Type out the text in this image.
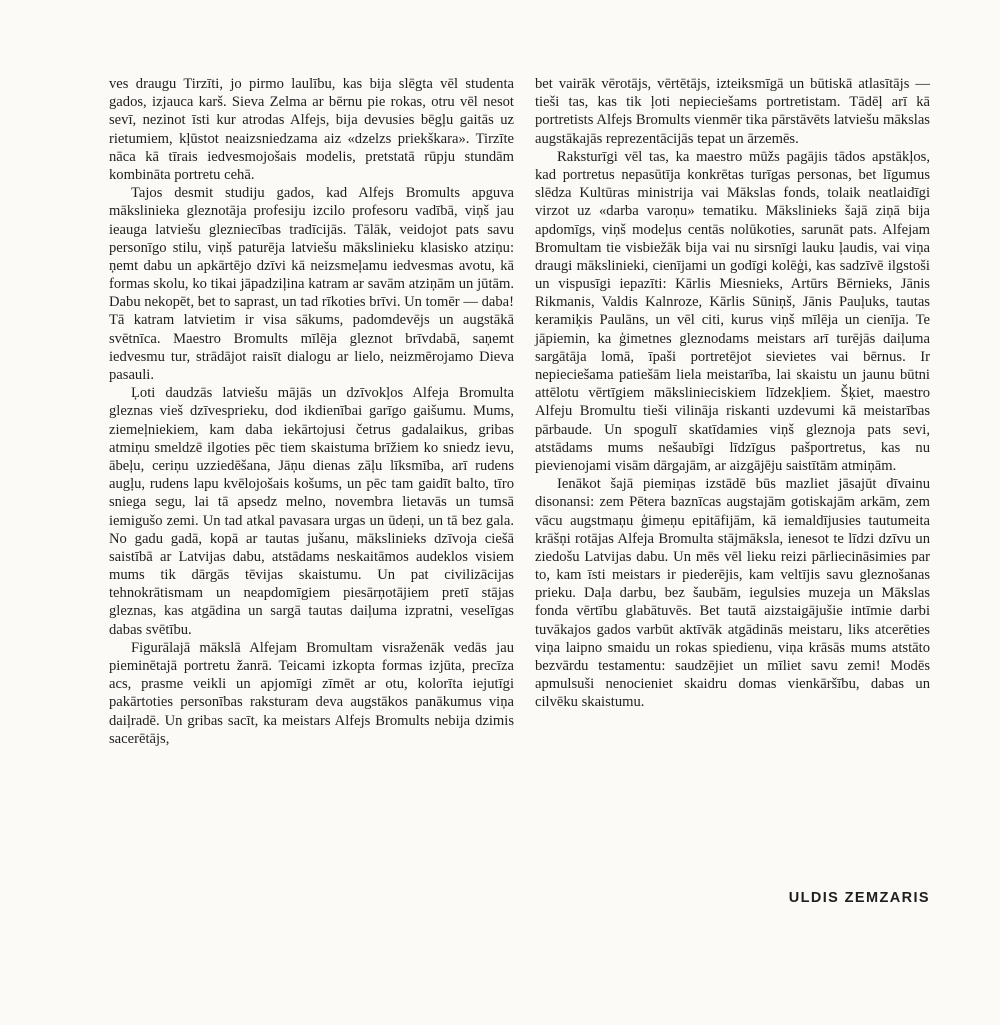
ves draugu Tirzīti, jo pirmo laulību, kas bija slēgta vēl studenta gados, izjauca karš. Sieva Zelma ar bērnu pie rokas, otru vēl nesot sevī, nezinot īsti kur atrodas Alfejs, bija devusies bēgļu gaitās uz rietumiem, kļūstot neaizsniedzama aiz «dzelzs priekškara». Tirzīte nāca kā tīrais iedvesmojošais modelis, pretstatā rūpju stundām kombināta portretu cehā.

Tajos desmit studiju gados, kad Alfejs Bromults apguva mākslinieka gleznotāja profesiju izcilo profesoru vadībā, viņš jau ieauga latviešu glezniecības tradīcijās. Tālāk, veidojot pats savu personīgo stilu, viņš paturēja latviešu mākslinieku klasisko atziņu: ņemt dabu un apkārtējo dzīvi kā neizsmeļamu iedvesmas avotu, kā formas skolu, ko tikai jāpadziļina katram ar savām atziņām un jūtām. Dabu nekopēt, bet to saprast, un tad rīkoties brīvi. Un tomēr — daba! Tā katram latvietim ir visa sākums, padomdevējs un augstākā svētnīca. Maestro Bromults mīlēja gleznot brīvdabā, saņemt iedvesmu tur, strādājot raisīt dialogu ar lielo, neizmērojamo Dieva pasauli.

Ļoti daudzās latviešu mājās un dzīvokļos Alfeja Bromulta gleznas vieš dzīvesprieku, dod ikdienībai garīgo gaišumu. Mums, ziemeļniekiem, kam daba iekārtojusi četrus gadalaikus, gribas atmiņu smeldzē ilgoties pēc tiem skaistuma brīžiem ko sniedz ievu, ābeļu, ceriņu uzziedēšana, Jāņu dienas zāļu līksmība, arī rudens augļu, rudens lapu kvēlojošais košums, un pēc tam gaidīt balto, tīro sniega segu, lai tā apsedz melno, novembra lietavās un tumsā iemigušo zemi. Un tad atkal pavasara urgas un ūdeņi, un tā bez gala. No gadu gadā, kopā ar tautas jušanu, mākslinieks dzīvoja ciešā saistībā ar Latvijas dabu, atstādams neskaitāmos audeklos visiem mums tik dārgās tēvijas skaistumu. Un pat civilizācijas tehnokrātismam un neapdomīgiem piesārņotājiem pretī stājas gleznas, kas atgādina un sargā tautas daiļuma izpratni, veselīgas dabas svētību.

Figurālajā mākslā Alfejam Bromultam visraženāk vedās jau pieminētajā portretu žanrā. Teicami izkopta formas izjūta, precīza acs, prasme veikli un apjomīgi zīmēt ar otu, kolorīta iejutīgi pakārtoties personības raksturam deva augstākos panākumus viņa daiļradē. Un gribas sacīt, ka meistars Alfejs Bromults nebija dzimis sacerētājs,

bet vairāk vērotājs, vērtētājs, izteiksmīgā un būtiskā atlasītājs — tieši tas, kas tik ļoti nepieciešams portretistam. Tādēļ arī kā portretists Alfejs Bromults vienmēr tika pārstāvēts latviešu mākslas augstākajās reprezentācijās tepat un ārzemēs.

Raksturīgi vēl tas, ka maestro mūžs pagājis tādos apstākļos, kad portretus nepasūtīja konkrētas turīgas personas, bet līgumus slēdza Kultūras ministrija vai Mākslas fonds, tolaik neatlaidīgi virzot uz «darba varoņu» tematiku. Mākslinieks šajā ziņā bija apdomīgs, viņš modeļus centās nolūkoties, sarunāt pats. Alfejam Bromultam tie visbiežāk bija vai nu sirsnīgi lauku ļaudis, vai viņa draugi mākslinieki, cienījami un godīgi kolēģi, kas sadzīvē ilgstoši un vispusīgi iepazīti: Kārlis Miesnieks, Artūrs Bērnieks, Jānis Rikmanis, Valdis Kalnroze, Kārlis Sūniņš, Jānis Pauļuks, tautas keramiķis Paulāns, un vēl citi, kurus viņš mīlēja un cienīja. Te jāpiemin, ka ģimetnes gleznodams meistars arī turējās daiļuma sargātāja lomā, īpaši portretējot sievietes vai bērnus. Ir nepieciešama patiešām liela meistarība, lai skaistu un jaunu būtni attēlotu vērtīgiem mākslinieciskiem līdzekļiem. Šķiet, maestro Alfeju Bromultu tieši vilināja riskanti uzdevumi kā meistarības pārbaude. Un spogulī skatīdamies viņš gleznoja pats sevi, atstādams mums nešaubīgi līdzīgus pašportretus, kas nu pievienojami visām dārgajām, ar aizgājēju saistītām atmiņām.

Ienākot šajā piemiņas izstādē būs mazliet jāsajūt dīvainu disonansi: zem Pētera baznīcas augstajām gotiskajām arkām, zem vācu augstmaņu ģimeņu epitāfijām, kā iemaldījusies tautumeita krāšņi rotājas Alfeja Bromulta stājmāksla, ienesot te līdzi dzīvu un ziedošu Latvijas dabu. Un mēs vēl lieku reizi pārliecināsimies par to, kam īsti meistars ir piederējis, kam veltījis savu gleznošanas prieku. Daļa darbu, bez šaubām, iegulsies muzeja un Mākslas fonda vērtību glabātuvēs. Bet tautā aizstaigājušie intīmie darbi tuvākajos gados varbūt aktīvāk atgādinās meistaru, liks atcerēties viņa laipno smaidu un rokas spiedienu, viņa krāsās mums atstāto bezvārdu testamentu: saudzējiet un mīliet savu zemi! Modēs apmulsuši nenocieniet skaidru domas vienkāršību, dabas un cilvēku skaistumu.

ULDIS ZEMZARIS
